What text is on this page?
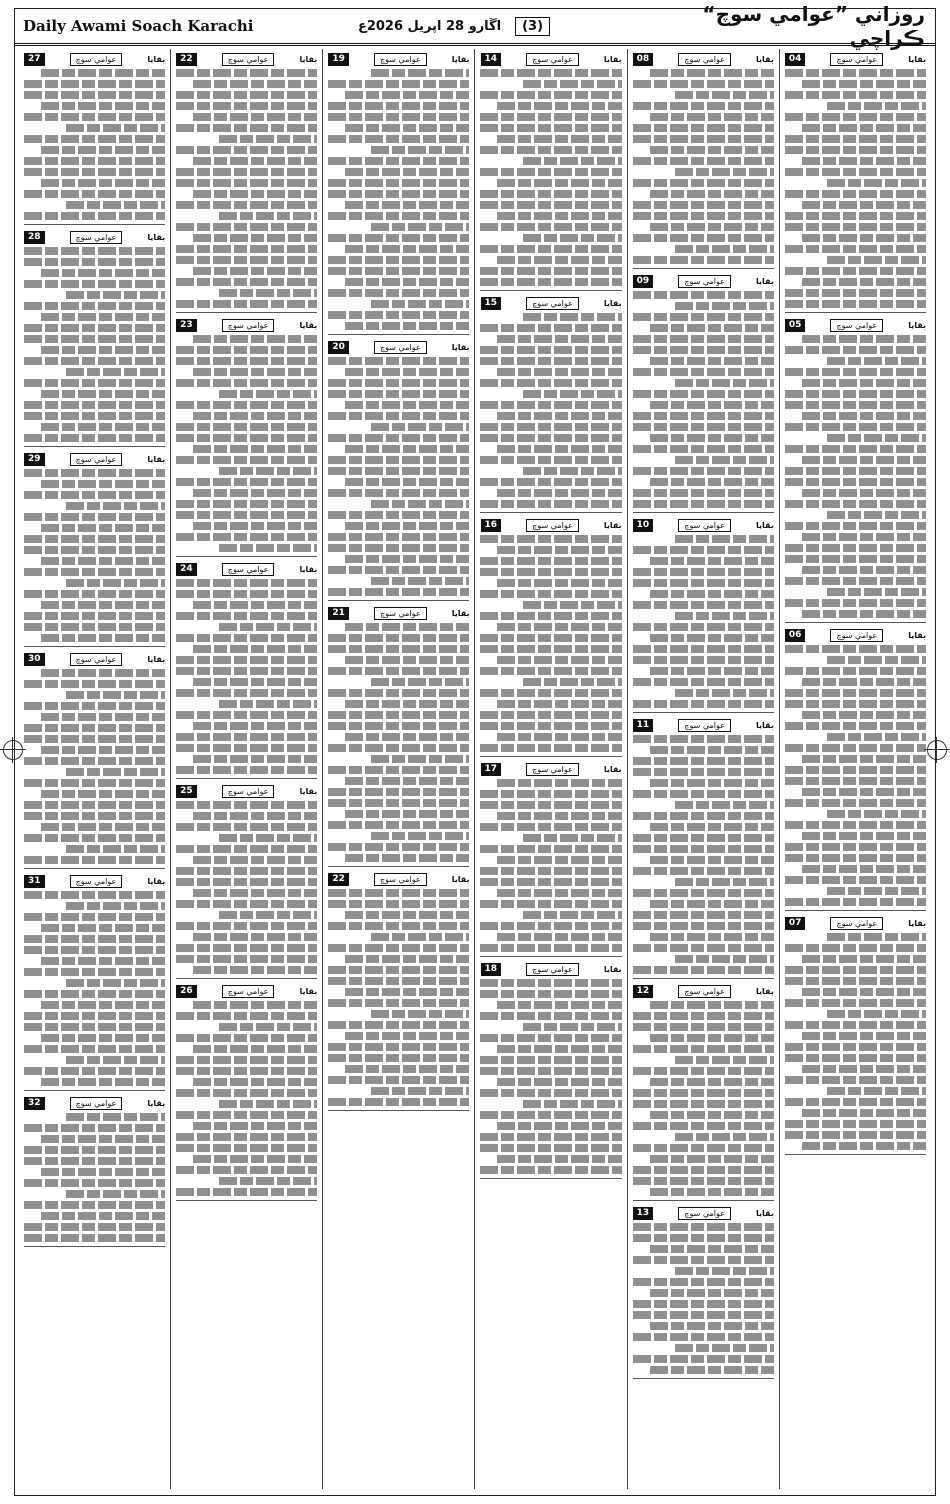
Daily Awami Soach Karachi	(3)
اڱارو 28 اپريل 2026ع	روزاني ”عوامي سوچ“ ڪراچي
بقايا
عوامي سوچ
04
بقايا
عوامي سوچ
05
بقايا
عوامي سوچ
06
بقايا
عوامي سوچ
07
بقايا
عوامي سوچ
08
بقايا
عوامي سوچ
09
بقايا
عوامي سوچ
10
بقايا
عوامي سوچ
11
بقايا
عوامي سوچ
12
بقايا
عوامي سوچ
13
بقايا
عوامي سوچ
14
بقايا
عوامي سوچ
15
بقايا
عوامي سوچ
16
بقايا
عوامي سوچ
17
بقايا
عوامي سوچ
18
بقايا
عوامي سوچ
19
بقايا
عوامي سوچ
20
بقايا
عوامي سوچ
21
بقايا
عوامي سوچ
22
بقايا
عوامي سوچ
22
بقايا
عوامي سوچ
23
بقايا
عوامي سوچ
24
بقايا
عوامي سوچ
25
بقايا
عوامي سوچ
26
بقايا
عوامي سوچ
27
بقايا
عوامي سوچ
28
بقايا
عوامي سوچ
29
بقايا
عوامي سوچ
30
بقايا
عوامي سوچ
31
بقايا
عوامي سوچ
32
